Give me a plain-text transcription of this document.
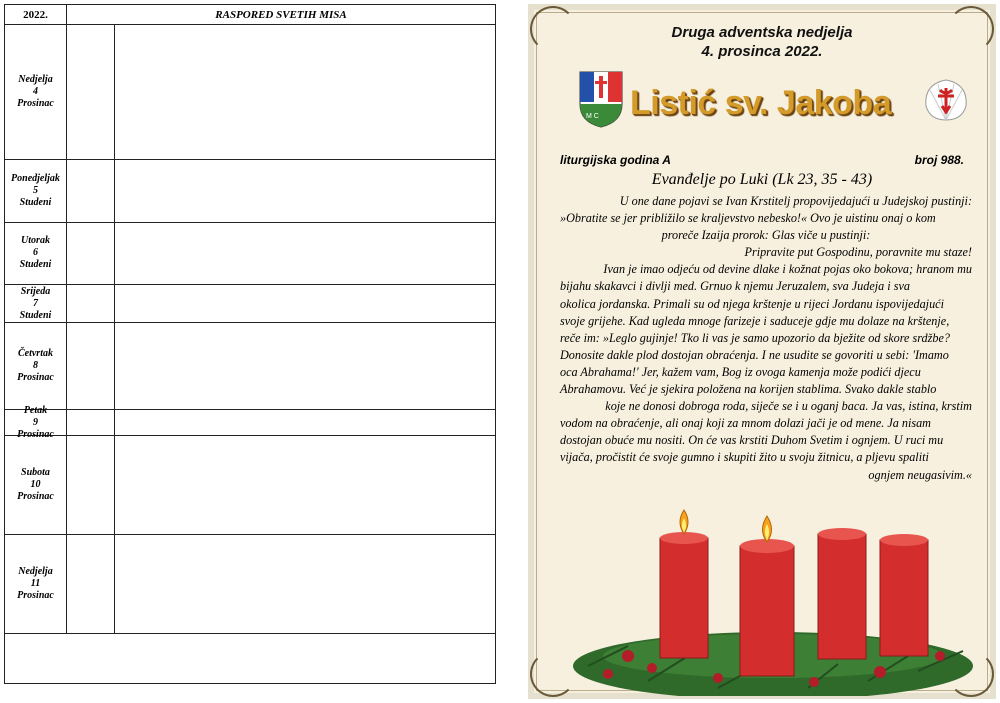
2022.	RASPORED SVETIH MISA
Nedjelja
4
Prosinac
Ponedjeljak
5
Studeni
Utorak
6
Studeni
Srijeda
7
Studeni
Četvrtak
8
Prosinac
Petak
9
Prosinac
Subota
10
Prosinac
Nedjelja
11
Prosinac
Druga adventska nedjelja
4. prosinca 2022.
M C Listić sv. Jakoba
liturgijska godina A	broj 988.
Evanđelje po Luki (Lk 23, 35 - 43)

U one dane pojavi se Ivan Krstitelj propovijedajući u Judejskoj pustinji:

»Obratite se jer približilo se kraljevstvo nebesko!« Ovo je uistinu onaj o kom

proreče Izaija prorok: Glas viče u pustinji:

Pripravite put Gospodinu, poravnite mu staze!

Ivan je imao odjeću od devine dlake i kožnat pojas oko bokova; hranom mu

bijahu skakavci i divlji med. Grnuo k njemu Jeruzalem, sva Judeja i sva

okolica jordanska. Primali su od njega krštenje u rijeci Jordanu ispovijedajući

svoje grijehe. Kad ugleda mnoge farizeje i saduceje gdje mu dolaze na krštenje,

reče im: »Leglo gujinje! Tko li vas je samo upozorio da bježite od skore srdžbe?

Donosite dakle plod dostojan obraćenja. I ne usudite se govoriti u sebi: 'Imamo

oca Abrahama!' Jer, kažem vam, Bog iz ovoga kamenja može podići djecu

Abrahamovu. Već je sjekira položena na korijen stablima. Svako dakle stablo

koje ne donosi dobroga roda, siječe se i u oganj baca. Ja vas, istina, krstim

vodom na obraćenje, ali onaj koji za mnom dolazi jači je od mene. Ja nisam

dostojan obuće mu nositi. On će vas krstiti Duhom Svetim i ognjem. U ruci mu

vijača, pročistit će svoje gumno i skupiti žito u svoju žitnicu, a pljevu spaliti

ognjem neugasivim.«
